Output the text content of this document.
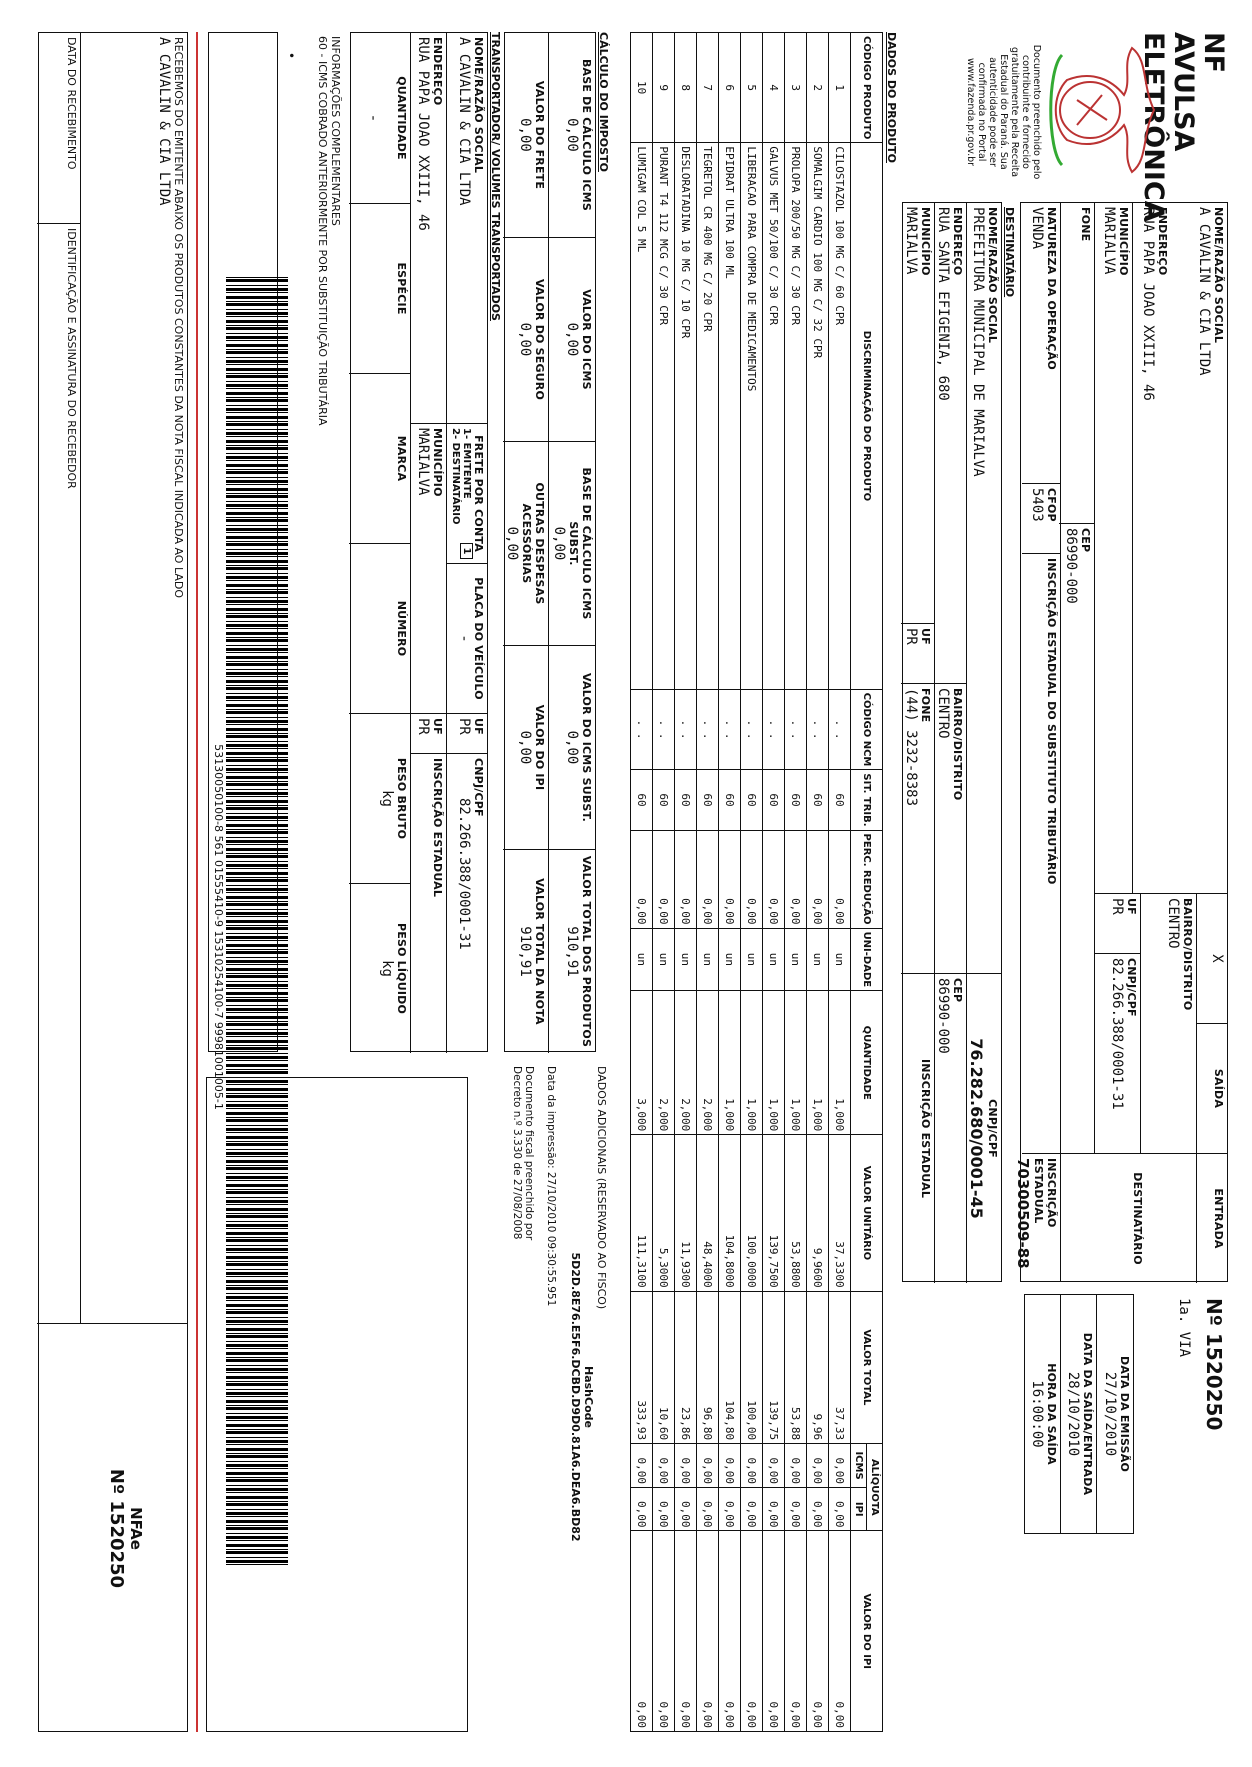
NF AVULSA
ELETRÔNICA
Documento preenchido pelo contribuinte e fornecido gratuitamente pela Receita Estadual do Paraná. Sua autenticidade pode ser confirmada no Portal www.fazenda.pr.gov.br
NOME/RAZÃO SOCIAL
A CAVALIN & CIA LTDA
X
SAÍDA
ENTRADA
ENDEREÇO
RUA PAPA JOAO XXIII, 46
BAIRRO/DISTRITO
CENTRO
DESTINATÁRIO
MUNICÍPIO
MARIALVA
UF
PR
CNPJ/CPF
82.266.388/0001-31
FONE
CEP
86990-000
Nº 1520250
1a. VIA
DATA DA EMISSÃO
27/10/2010
DATA DA SAÍDA/ENTRADA
28/10/2010
HORA DA SAÍDA
16:00:00
NATUREZA DA OPERAÇÃO
VENDA
CFOP
5403
INSCRIÇÃO ESTADUAL DO SUBSTITUTO TRIBUTÁRIO
INSCRIÇÃO ESTADUAL
70300509-88
DESTINATÁRIO
NOME/RAZÃO SOCIAL
PREFEITURA MUNICIPAL DE MARIALVA
CNPJ/CPF
76.282.680/0001-45
ENDEREÇO
RUA SANTA EFIGENIA, 680
BAIRRO/DISTRITO
CENTRO
CEP
86990-000
MUNICÍPIO
MARIALVA
UF
PR
FONE
(44) 3232-8383
INSCRIÇÃO ESTADUAL
DADOS DO PRODUTO
CÓDIGO PRODUTO	DISCRIMINAÇÃO DO PRODUTO	CÓDIGO NCM	SIT. TRIB.	PERC. REDUÇÃO	UNI-DADE	QUANTIDADE	VALOR UNITÁRIO	VALOR TOTAL	ALÍQUOTA		VALOR DO IPI
									ICMS	IPI	
1	CILOSTAZOL 100 MG C/ 60 CPR	. .	60	0,00	un	1,000	37,3300	37,33	0,00	0,00	0,00
2	SOMALGIM CARDIO 100 MG C/ 32 CPR	. .	60	0,00	un	1,000	9,9600	9,96	0,00	0,00	0,00
3	PROLOPA 200/50 MG C/ 30 CPR	. .	60	0,00	un	1,000	53,8800	53,88	0,00	0,00	0,00
4	GALVUS MET 50/100 C/ 30 CPR	. .	60	0,00	un	1,000	139,7500	139,75	0,00	0,00	0,00
5	LIBERACAO PARA COMPRA DE MEDICAMENTOS	. .	60	0,00	un	1,000	100,0000	100,00	0,00	0,00	0,00
6	EPIDRAT ULTRA 100 ML	. .	60	0,00	un	1,000	104,8000	104,80	0,00	0,00	0,00
7	TEGRETOL CR 400 MG C/ 20 CPR	. .	60	0,00	un	2,000	48,4000	96,80	0,00	0,00	0,00
8	DESLORATADINA 10 MG C/ 10 CPR	. .	60	0,00	un	2,000	11,9300	23,86	0,00	0,00	0,00
9	PURANT T4 112 MCG C/ 30 CPR	. .	60	0,00	un	2,000	5,3000	10,60	0,00	0,00	0,00
10	LUMIGAM COL 5 ML	. .	60	0,00	un	3,000	111,3100	333,93	0,00	0,00	0,00
CÁLCULO DO IMPOSTO
BASE DE CÁLCULO ICMS
0,00
VALOR DO ICMS
0,00
BASE DE CÁLCULO ICMS SUBST.
0,00
VALOR DO ICMS SUBST.
0,00
VALOR TOTAL DOS PRODUTOS
910,91
VALOR DO FRETE
0,00
VALOR DO SEGURO
0,00
OUTRAS DESPESAS ACESSÓRIAS
0,00
VALOR DO IPI
0,00
VALOR TOTAL DA NOTA
910,91
DADOS ADICIONAIS (RESERVADO AO FISCO)
HashCode
5D2D.8E76.E5F6.DCBD.D9D0.81A6.DEA6.BD82
Data da impressão: 27/10/2010 09:30:55.951
Documento fiscal preenchido por
Decreto n.º 3.330 de 27/08/2008
TRANSPORTADOR/ VOLUMES TRANSPORTADOS
NOME/RAZÃO SOCIAL
A CAVALIN & CIA LTDA
FRETE POR CONTA
1- EMITENTE
2- DESTINATÁRIO
1
PLACA DO VEÍCULO
-
UF
PR
CNPJ/CPF
82.266.388/0001-31
ENDEREÇO
RUA PAPA JOAO XXIII, 46
MUNICÍPIO
MARIALVA
UF
PR
INSCRIÇÃO ESTADUAL
QUANTIDADE
-
ESPÉCIE
MARCA
NÚMERO
PESO BRUTO
kg
PESO LÍQUIDO
kg
INFORMAÇÕES COMPLEMENTARES
60 - ICMS COBRADO ANTERIORMENTE POR SUBSTITUIÇÃO TRIBUTÁRIA
•
53130050100-8 561 01555410-9 15310254100-7 99981001005-1
RECEBEMOS DO EMITENTE ABAIXO OS PRODUTOS CONSTANTES DA NOTA FISCAL INDICADA AO LADO
A CAVALIN & CIA LTDA
DATA DO RECEBIMENTO
IDENTIFICAÇÃO E ASSINATURA DO RECEBEDOR
NFAe
Nº 1520250
